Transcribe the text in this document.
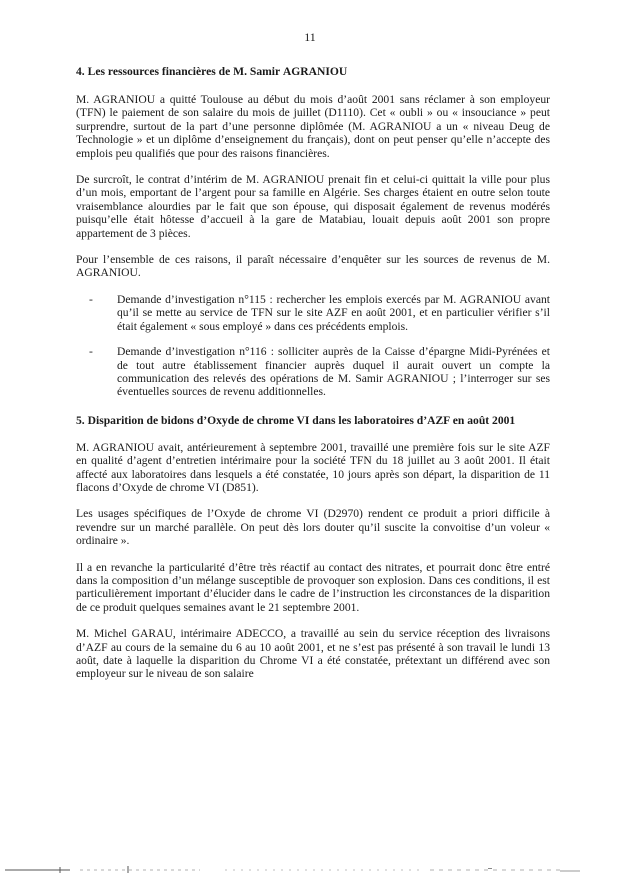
11
4. Les ressources financières de M. Samir AGRANIOU

M. AGRANIOU a quitté Toulouse au début du mois d’août 2001 sans réclamer à son employeur (TFN) le paiement de son salaire du mois de juillet (D1110). Cet « oubli » ou « insouciance » peut surprendre, surtout de la part d’une personne diplômée (M. AGRANIOU a un « niveau Deug de Technologie » et un diplôme d’enseignement du français), dont on peut penser qu’elle n’accepte des emplois peu qualifiés que pour des raisons financières.

De surcroît, le contrat d’intérim de M. AGRANIOU prenait fin et celui-ci quittait la ville pour plus d’un mois, emportant de l’argent pour sa famille en Algérie. Ses charges étaient en outre selon toute vraisemblance alourdies par le fait que son épouse, qui disposait également de revenus modérés puisqu’elle était hôtesse d’accueil à la gare de Matabiau, louait depuis août 2001 son propre appartement de 3 pièces.

Pour l’ensemble de ces raisons, il paraît nécessaire d’enquêter sur les sources de revenus de M. AGRANIOU.

- Demande d’investigation n°115 : rechercher les emplois exercés par M. AGRANIOU avant qu’il se mette au service de TFN sur le site AZF en août 2001, et en particulier vérifier s’il était également « sous employé » dans ces précédents emplois.
- Demande d’investigation n°116 : solliciter auprès de la Caisse d’épargne Midi-Pyrénées et de tout autre établissement financier auprès duquel il aurait ouvert un compte la communication des relevés des opérations de M. Samir AGRANIOU ; l’interroger sur ses éventuelles sources de revenu additionnelles.
5. Disparition de bidons d’Oxyde de chrome VI dans les laboratoires d’AZF en août 2001

M. AGRANIOU avait, antérieurement à septembre 2001, travaillé une première fois sur le site AZF en qualité d’agent d’entretien intérimaire pour la société TFN du 18 juillet au 3 août 2001. Il était affecté aux laboratoires dans lesquels a été constatée, 10 jours après son départ, la disparition de 11 flacons d’Oxyde de chrome VI (D851).

Les usages spécifiques de l’Oxyde de chrome VI (D2970) rendent ce produit a priori difficile à revendre sur un marché parallèle. On peut dès lors douter qu’il suscite la convoitise d’un voleur « ordinaire ».

Il a en revanche la particularité d’être très réactif au contact des nitrates, et pourrait donc être entré dans la composition d’un mélange susceptible de provoquer son explosion. Dans ces conditions, il est particulièrement important d’élucider dans le cadre de l’instruction les circonstances de la disparition de ce produit quelques semaines avant le 21 septembre 2001.

M. Michel GARAU, intérimaire ADECCO, a travaillé au sein du service réception des livraisons d’AZF au cours de la semaine du 6 au 10 août 2001, et ne s’est pas présenté à son travail le lundi 13 août, date à laquelle la disparition du Chrome VI a été constatée, prétextant un différend avec son employeur sur le niveau de son salaire
